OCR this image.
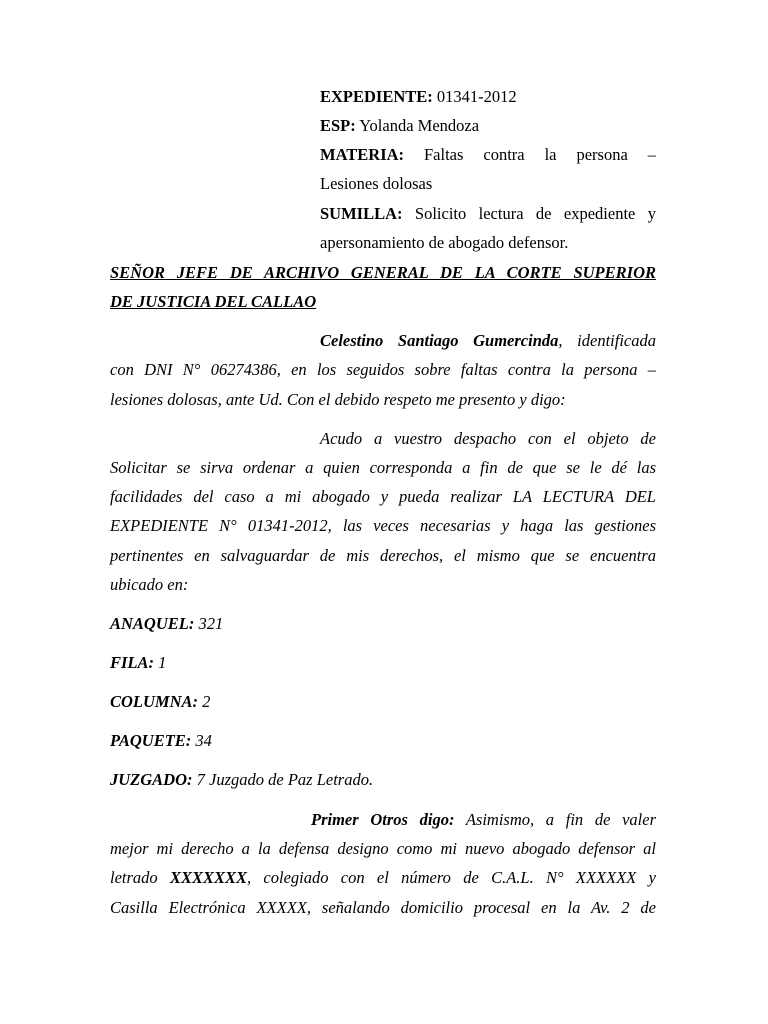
EXPEDIENTE: 01341-2012
ESP: Yolanda Mendoza
MATERIA: Faltas contra la persona –
Lesiones dolosas
SUMILLA: Solicito lectura de expediente y
apersonamiento de abogado defensor.
SEÑOR JEFE DE ARCHIVO GENERAL DE LA CORTE SUPERIOR
DE JUSTICIA DEL CALLAO
Celestino Santiago Gumercinda, identificada
con DNI N° 06274386, en los seguidos sobre faltas contra la persona –
lesiones dolosas, ante Ud. Con el debido respeto me presento y digo:
Acudo a vuestro despacho con el objeto de
Solicitar se sirva ordenar a quien corresponda a fin de que se le dé las
facilidades del caso a mi abogado y pueda realizar LA LECTURA DEL
EXPEDIENTE N° 01341-2012, las veces necesarias y haga las gestiones
pertinentes en salvaguardar de mis derechos, el mismo que se encuentra
ubicado en:
ANAQUEL: 321
FILA: 1
COLUMNA: 2
PAQUETE: 34
JUZGADO: 7 Juzgado de Paz Letrado.
Primer Otros digo: Asimismo, a fin de valer
mejor mi derecho a la defensa designo como mi nuevo abogado defensor al
letrado XXXXXXX, colegiado con el número de C.A.L. N° XXXXXX y
Casilla Electrónica XXXXX, señalando domicilio procesal en la Av. 2 de
